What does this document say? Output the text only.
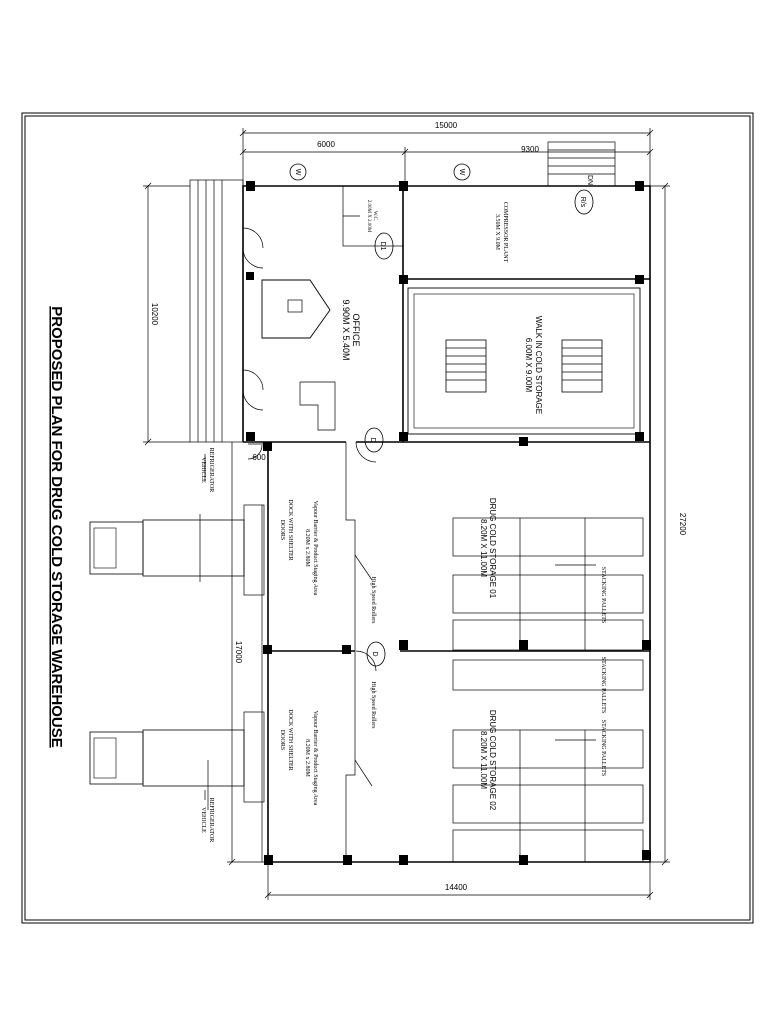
PROPOSED PLAN FOR DRUG COLD STORAGE WAREHOUSE
15000
6000
9300
27200
10200
17000
14400
600
W	W
D1
D
D
DN
R/s
OFFICE
9.90M X 5.40M
COMPRESSOR PLANT
3.50M X 9.0M
WALK IN COLD STORAGE
6.00M X 9.00M
DRUG COLD STORAGE 01
8.20M X 11.00M
DRUG COLD STORAGE 02
8.20M X 11.00M
W.C.
2.00M X 2.00M
Vapour Barrier & Product Staging Area
8.20M x 2.80M
Vapour Barrier & Product Staging Area
8.20M x 2.80M
DOCK WITH SHELTER
DOORS
DOCK WITH SHELTER
DOORS
REFRIGERATOR
VEHICLE
REFRIGERATOR
VEHICLE
High Speed Rollers
High Speed Rollers
STACKING PALLETS
STACKING PALLETS
STACKING PALLETS
